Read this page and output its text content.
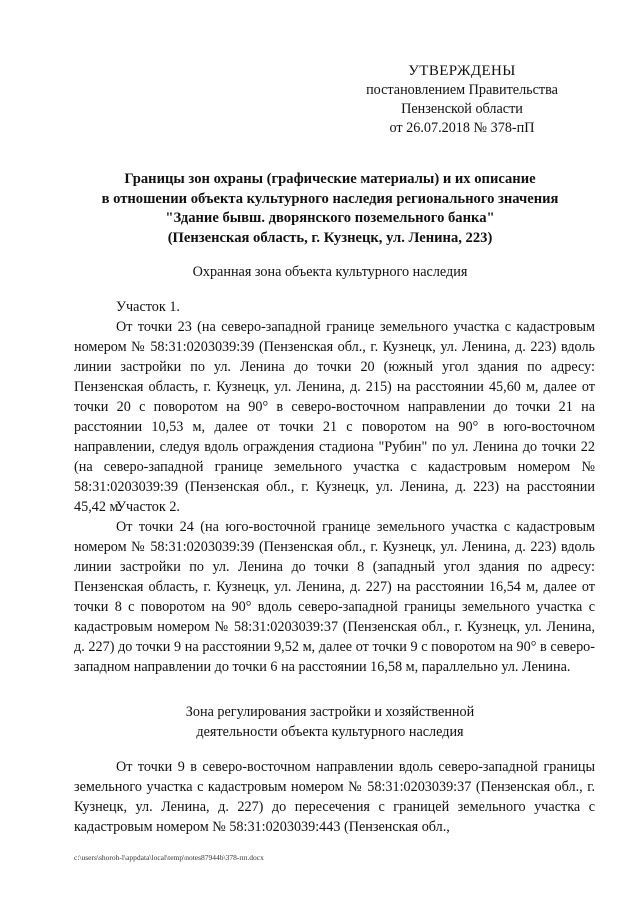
УТВЕРЖДЕНЫ
постановлением Правительства
Пензенской области
от 26.07.2018 № 378-пП
Границы зон охраны (графические материалы) и их описание
в отношении объекта культурного наследия регионального значения
"Здание бывш. дворянского поземельного банка"
(Пензенская область, г. Кузнецк, ул. Ленина, 223)
Охранная зона объекта культурного наследия
Участок 1.
От точки 23 (на северо-западной границе земельного участка с кадастровым номером № 58:31:0203039:39 (Пензенская обл., г. Кузнецк, ул. Ленина, д. 223) вдоль линии застройки по ул. Ленина до точки 20 (южный угол здания по адресу: Пензенская область, г. Кузнецк, ул. Ленина, д. 215) на расстоянии 45,60 м, далее от точки 20 с поворотом на 90° в северо-восточном направлении до точки 21 на расстоянии 10,53 м, далее от точки 21 с поворотом на 90° в юго-восточном направлении, следуя вдоль ограждения стадиона "Рубин" по ул. Ленина до точки 22 (на северо-западной границе земельного участка с кадастровым номером № 58:31:0203039:39 (Пензенская обл., г. Кузнецк, ул. Ленина, д. 223) на расстоянии 45,42 м.
Участок 2.
От точки 24 (на юго-восточной границе земельного участка с кадастровым номером № 58:31:0203039:39 (Пензенская обл., г. Кузнецк, ул. Ленина, д. 223) вдоль линии застройки по ул. Ленина до точки 8 (западный угол здания по адресу: Пензенская область, г. Кузнецк, ул. Ленина, д. 227) на расстоянии 16,54 м, далее от точки 8 с поворотом на 90° вдоль северо-западной границы земельного участка с кадастровым номером № 58:31:0203039:37 (Пензенская обл., г. Кузнецк, ул. Ленина, д. 227) до точки 9 на расстоянии 9,52 м, далее от точки 9 с поворотом на 90° в северо-западном направлении до точки 6 на расстоянии 16,58 м, параллельно ул. Ленина.
Зона регулирования застройки и хозяйственной
деятельности объекта культурного наследия
От точки 9 в северо-восточном направлении вдоль северо-западной границы земельного участка с кадастровым номером № 58:31:0203039:37 (Пензенская обл., г. Кузнецк, ул. Ленина, д. 227) до пересечения с границей земельного участка с кадастровым номером № 58:31:0203039:443 (Пензенская обл.,
c:\users\shoroh-l\appdata\local\temp\notes87944b\378-пп.docx
